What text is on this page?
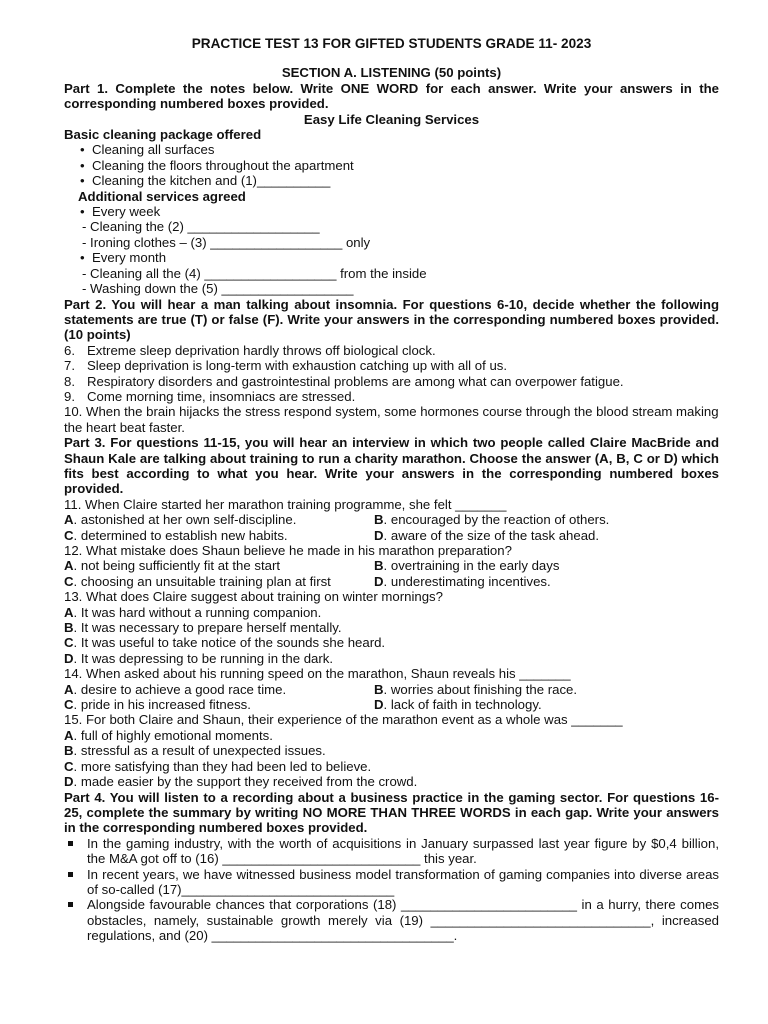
PRACTICE TEST 13 FOR GIFTED STUDENTS GRADE 11- 2023
SECTION A. LISTENING (50 points)
Part 1. Complete the notes below. Write ONE WORD for each answer. Write your answers in the corresponding numbered boxes provided.
Easy Life Cleaning Services
Basic cleaning package offered
• Cleaning all surfaces
• Cleaning the floors throughout the apartment
• Cleaning the kitchen and (1)__________
Additional services agreed
• Every week
- Cleaning the (2) __________________
- Ironing clothes – (3) __________________ only
• Every month
- Cleaning all the (4) __________________ from the inside
- Washing down the (5) __________________
Part 2. You will hear a man talking about insomnia. For questions 6-10, decide whether the following statements are true (T) or false (F). Write your answers in the corresponding numbered boxes provided. (10 points)
6. Extreme sleep deprivation hardly throws off biological clock.
7. Sleep deprivation is long-term with exhaustion catching up with all of us.
8. Respiratory disorders and gastrointestinal problems are among what can overpower fatigue.
9. Come morning time, insomniacs are stressed.
10. When the brain hijacks the stress respond system, some hormones course through the blood stream making the heart beat faster.
Part 3. For questions 11-15, you will hear an interview in which two people called Claire MacBride and Shaun Kale are talking about training to run a charity marathon. Choose the answer (A, B, C or D) which fits best according to what you hear. Write your answers in the corresponding numbered boxes provided.
11. When Claire started her marathon training programme, she felt _______
A. astonished at her own self-discipline.	B. encouraged by the reaction of others.
C. determined to establish new habits.	D. aware of the size of the task ahead.
12. What mistake does Shaun believe he made in his marathon preparation?
A. not being sufficiently fit at the start	B. overtraining in the early days
C. choosing an unsuitable training plan at first	D. underestimating incentives.
13. What does Claire suggest about training on winter mornings?
A. It was hard without a running companion.
B. It was necessary to prepare herself mentally.
C. It was useful to take notice of the sounds she heard.
D. It was depressing to be running in the dark.
14. When asked about his running speed on the marathon, Shaun reveals his _______
A. desire to achieve a good race time.	B. worries about finishing the race.
C. pride in his increased fitness.	D. lack of faith in technology.
15. For both Claire and Shaun, their experience of the marathon event as a whole was _______
A. full of highly emotional moments.
B. stressful as a result of unexpected issues.
C. more satisfying than they had been led to believe.
D. made easier by the support they received from the crowd.
Part 4. You will listen to a recording about a business practice in the gaming sector. For questions 16-25, complete the summary by writing NO MORE THAN THREE WORDS in each gap. Write your answers in the corresponding numbered boxes provided.
In the gaming industry, with the worth of acquisitions in January surpassed last year figure by $0,4 billion, the M&A got off to (16) ___________________________ this year.
In recent years, we have witnessed business model transformation of gaming companies into diverse areas of so-called (17)_____________________________
Alongside favourable chances that corporations (18) ________________________ in a hurry, there comes obstacles, namely, sustainable growth merely via (19) ______________________________, increased regulations, and (20) _________________________________.
